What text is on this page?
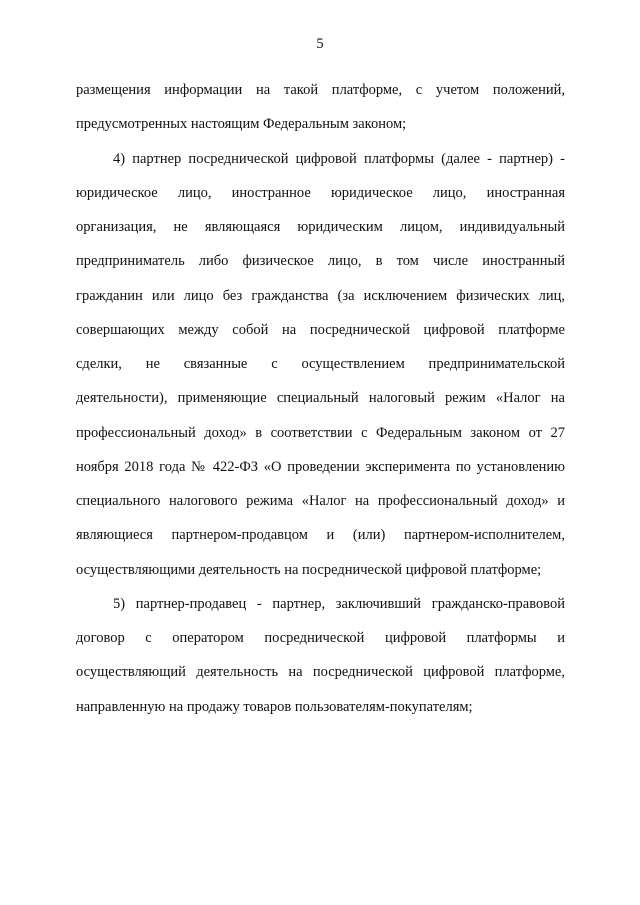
5
размещения информации на такой платформе, с учетом положений,
предусмотренных настоящим Федеральным законом;
4) партнер посреднической цифровой платформы (далее - партнер) -
юридическое лицо, иностранное юридическое лицо, иностранная
организация, не являющаяся юридическим лицом, индивидуальный
предприниматель либо физическое лицо, в том числе иностранный
гражданин или лицо без гражданства (за исключением физических лиц,
совершающих между собой на посреднической цифровой платформе
сделки, не связанные с осуществлением предпринимательской
деятельности), применяющие специальный налоговый режим «Налог на
профессиональный доход» в соответствии с Федеральным законом от 27
ноября 2018 года № 422-ФЗ «О проведении эксперимента по установлению
специального налогового режима «Налог на профессиональный доход» и
являющиеся партнером-продавцом и (или) партнером-исполнителем,
осуществляющими деятельность на посреднической цифровой платформе;
5) партнер-продавец - партнер, заключивший гражданско-правовой
договор с оператором посреднической цифровой платформы и
осуществляющий деятельность на посреднической цифровой платформе,
направленную на продажу товаров пользователям-покупателям;
